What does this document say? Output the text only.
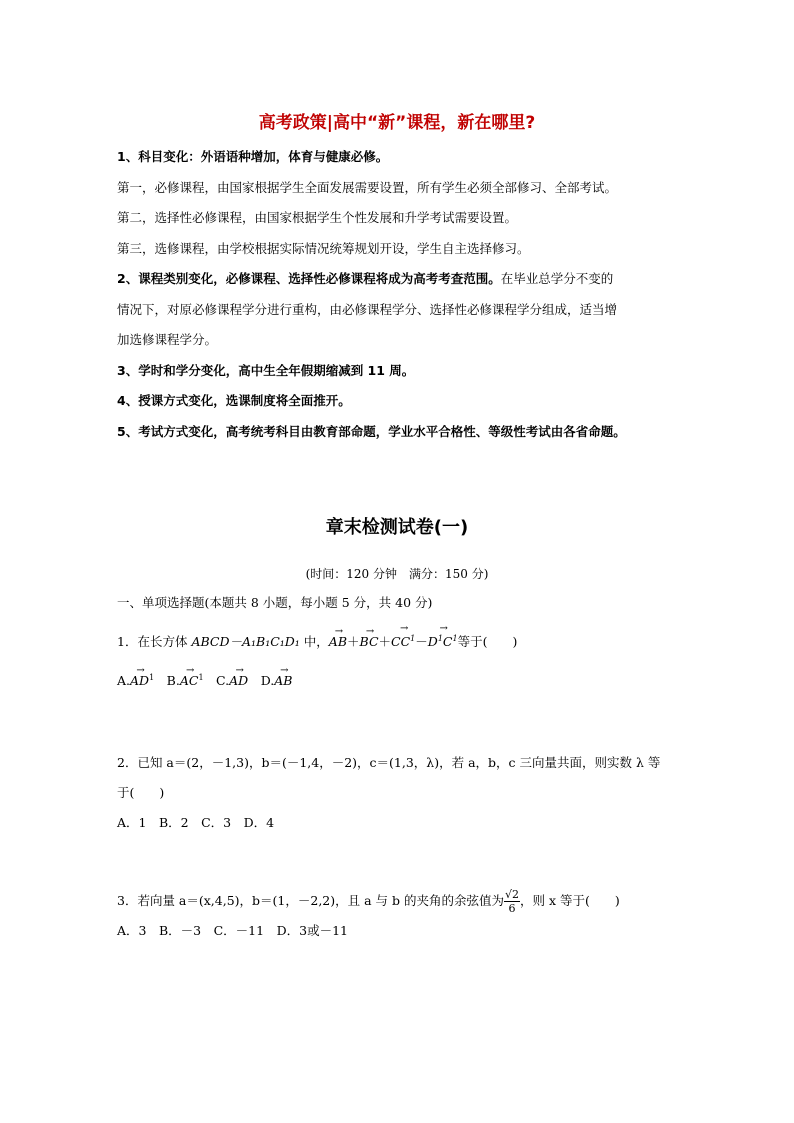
高考政策|高中“新”课程，新在哪里?

1、科目变化：外语语种增加，体育与健康必修。

第一，必修课程，由国家根据学生全面发展需要设置，所有学生必须全部修习、全部考试。

第二，选择性必修课程，由国家根据学生个性发展和升学考试需要设置。

第三，选修课程，由学校根据实际情况统筹规划开设，学生自主选择修习。

2、课程类别变化，必修课程、选择性必修课程将成为高考考查范围。在毕业总学分不变的

情况下，对原必修课程学分进行重构，由必修课程学分、选择性必修课程学分组成，适当增

加选修课程学分。

3、学时和学分变化，高中生全年假期缩减到 11 周。

4、授课方式变化，选课制度将全面推开。

5、考试方式变化，高考统考科目由教育部命题，学业水平合格性、等级性考试由各省命题。

章末检测试卷(一)
(时间：120 分钟　满分：150 分)

一、单项选择题(本题共 8 小题，每小题 5 分，共 40 分)

1．在长方体 ABCD－A₁B₁C₁D₁ 中，→ $AB+\to BC+\to CC^1-\to D^1C^1$等于(　　)

$A.\to AD^1$　$B.\to AC^1$　C.→ AD　D.→ AB

2．已知 a＝(2，－1,3)，b＝(－1,4，－2)，c＝(1,3，λ)，若 a，b，c 三向量共面，则实数 λ 等

于(　　)

A．1　B．2　C．3　D．4

3．若向量 a＝(x,4,5)，b＝(1，－2,2)，且 a 与 b 的夹角的余弦值为 $\frac{√2}{6}$ ，则 x 等于(　　)

A．3　B．－3　C．－11　D．3或－11
